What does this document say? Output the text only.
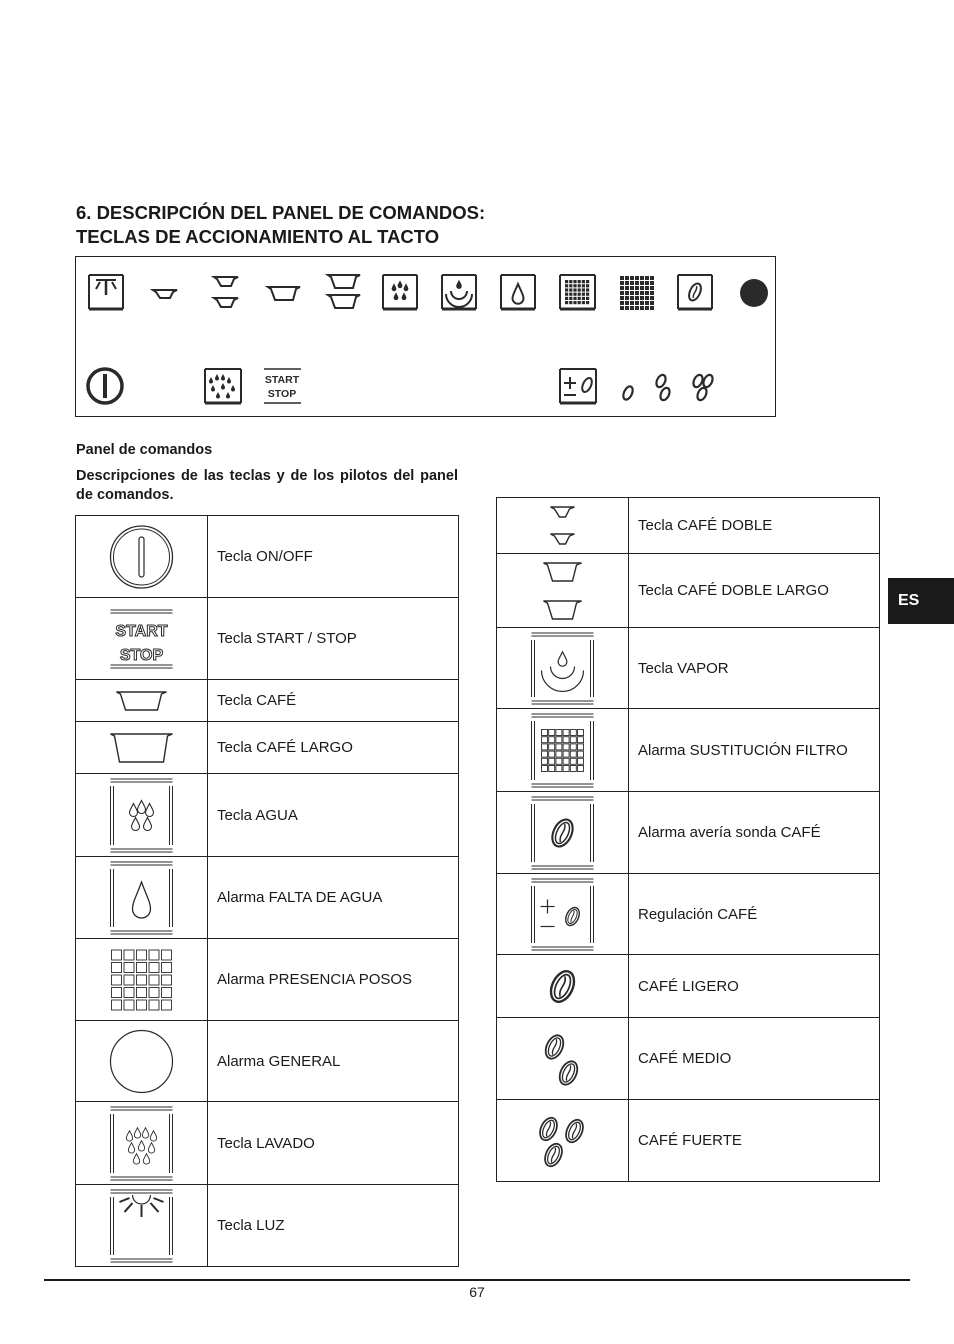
6. DESCRIPCIÓN DEL PANEL DE COMANDOS:
TECLAS DE ACCIONAMIENTO AL TACTO
START
STOP
Panel de comandos
Descripciones de las teclas y de los pilotos del panel de comandos.
	Tecla ON/OFF

START
STOP	Tecla START / STOP

	Tecla CAFÉ

	Tecla CAFÉ LARGO

	Tecla AGUA

	Alarma FALTA DE AGUA

	Alarma PRESENCIA POSOS

	Alarma GENERAL

	Tecla LAVADO

	Tecla LUZ
	Tecla CAFÉ DOBLE

	Tecla CAFÉ DOBLE LARGO

	Tecla VAPOR

	Alarma SUSTITUCIÓN FILTRO

	Alarma avería sonda CAFÉ

	Regulación CAFÉ

	CAFÉ LIGERO

	CAFÉ MEDIO

	CAFÉ FUERTE
ES
67
